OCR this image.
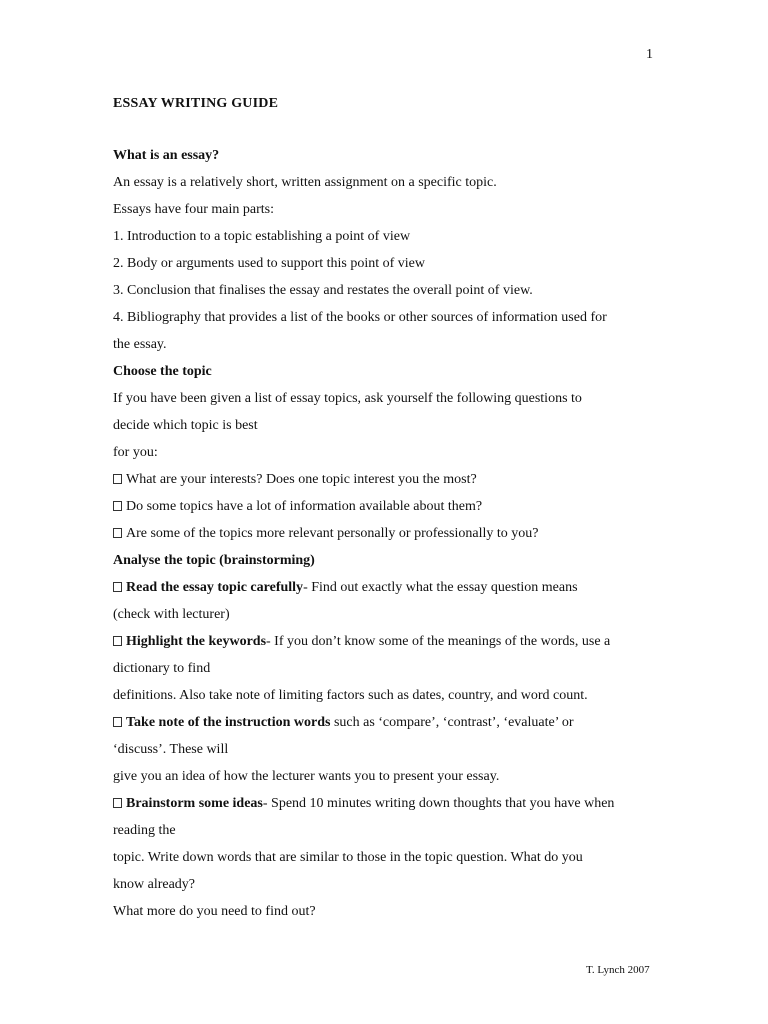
1
ESSAY WRITING GUIDE
What is an essay?
An essay is a relatively short, written assignment on a specific topic.
Essays have four main parts:
1. Introduction to a topic establishing a point of view
2. Body or arguments used to support this point of view
3. Conclusion that finalises the essay and restates the overall point of view.
4. Bibliography that provides a list of the books or other sources of information used for
the essay.
Choose the topic
If you have been given a list of essay topics, ask yourself the following questions to
decide which topic is best
for you:
What are your interests? Does one topic interest you the most?
Do some topics have a lot of information available about them?
Are some of the topics more relevant personally or professionally to you?
Analyse the topic (brainstorming)
Read the essay topic carefully- Find out exactly what the essay question means
(check with lecturer)
Highlight the keywords- If you don’t know some of the meanings of the words, use a
dictionary to find
definitions. Also take note of limiting factors such as dates, country, and word count.
Take note of the instruction words such as ‘compare’, ‘contrast’, ‘evaluate’ or
‘discuss’. These will
give you an idea of how the lecturer wants you to present your essay.
Brainstorm some ideas- Spend 10 minutes writing down thoughts that you have when
reading the
topic. Write down words that are similar to those in the topic question. What do you
know already?
What more do you need to find out?
T. Lynch 2007
